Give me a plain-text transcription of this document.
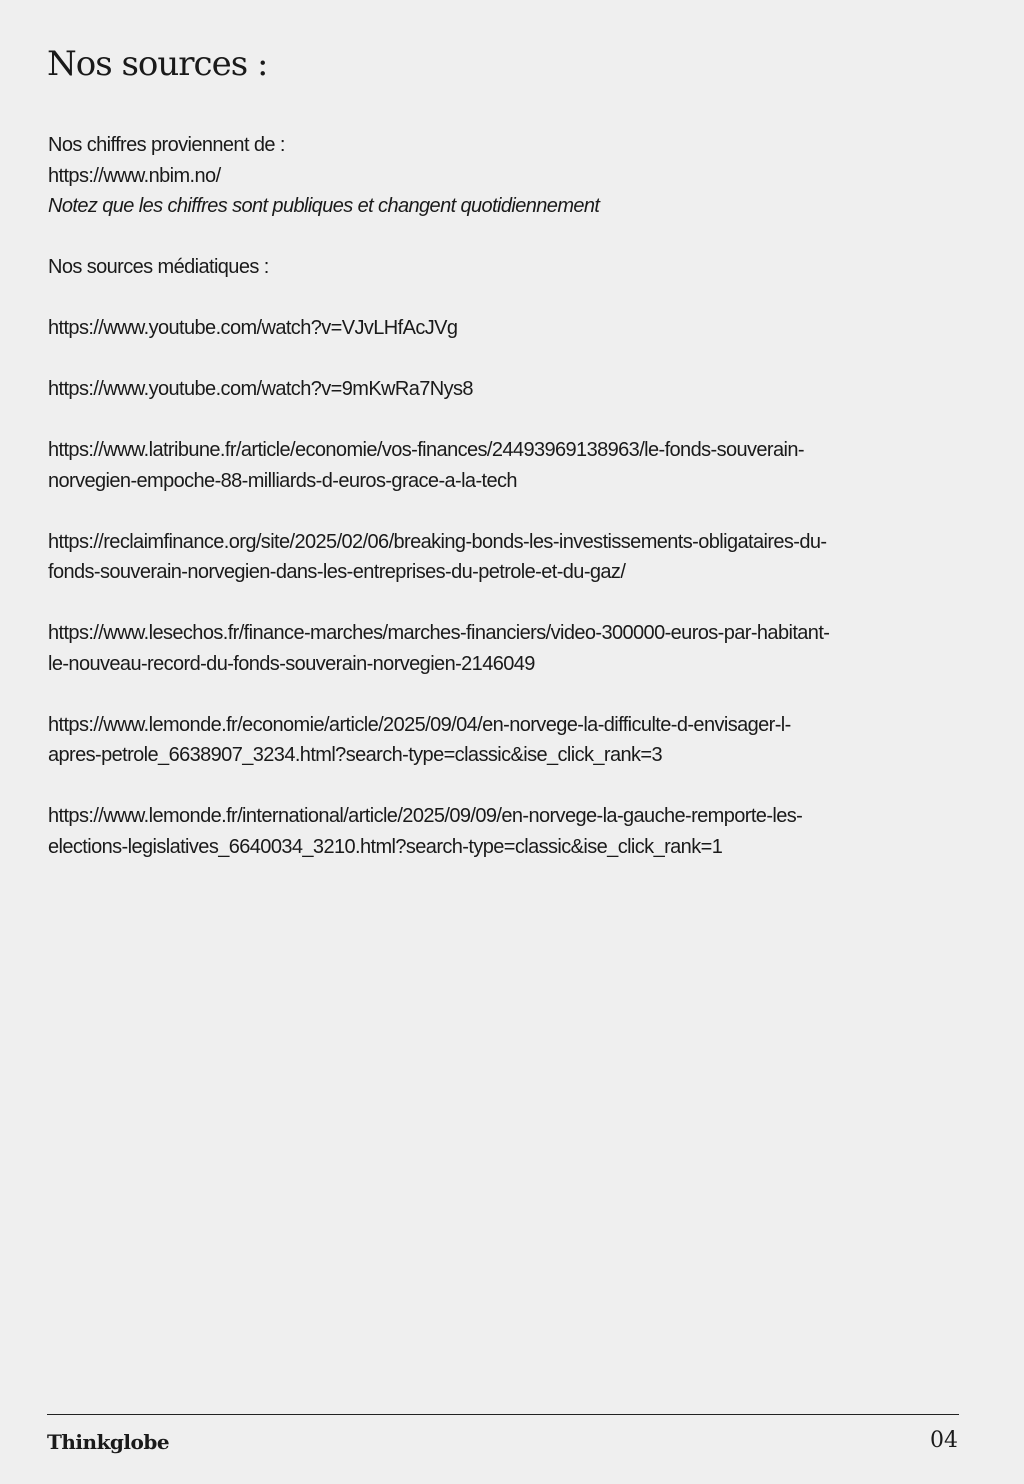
Nos sources :
Nos chiffres proviennent de :
https://www.nbim.no/
Notez que les chiffres sont publiques et changent quotidiennement
Nos sources médiatiques :
https://www.youtube.com/watch?v=VJvLHfAcJVg
https://www.youtube.com/watch?v=9mKwRa7Nys8
https://www.latribune.fr/article/economie/vos-finances/24493969138963/le-fonds-souverain-
norvegien-empoche-88-milliards-d-euros-grace-a-la-tech
https://reclaimfinance.org/site/2025/02/06/breaking-bonds-les-investissements-obligataires-du-
fonds-souverain-norvegien-dans-les-entreprises-du-petrole-et-du-gaz/
https://www.lesechos.fr/finance-marches/marches-financiers/video-300000-euros-par-habitant-
le-nouveau-record-du-fonds-souverain-norvegien-2146049
https://www.lemonde.fr/economie/article/2025/09/04/en-norvege-la-difficulte-d-envisager-l-
apres-petrole_6638907_3234.html?search-type=classic&ise_click_rank=3
https://www.lemonde.fr/international/article/2025/09/09/en-norvege-la-gauche-remporte-les-
elections-legislatives_6640034_3210.html?search-type=classic&ise_click_rank=1
Thinkglobe	04
